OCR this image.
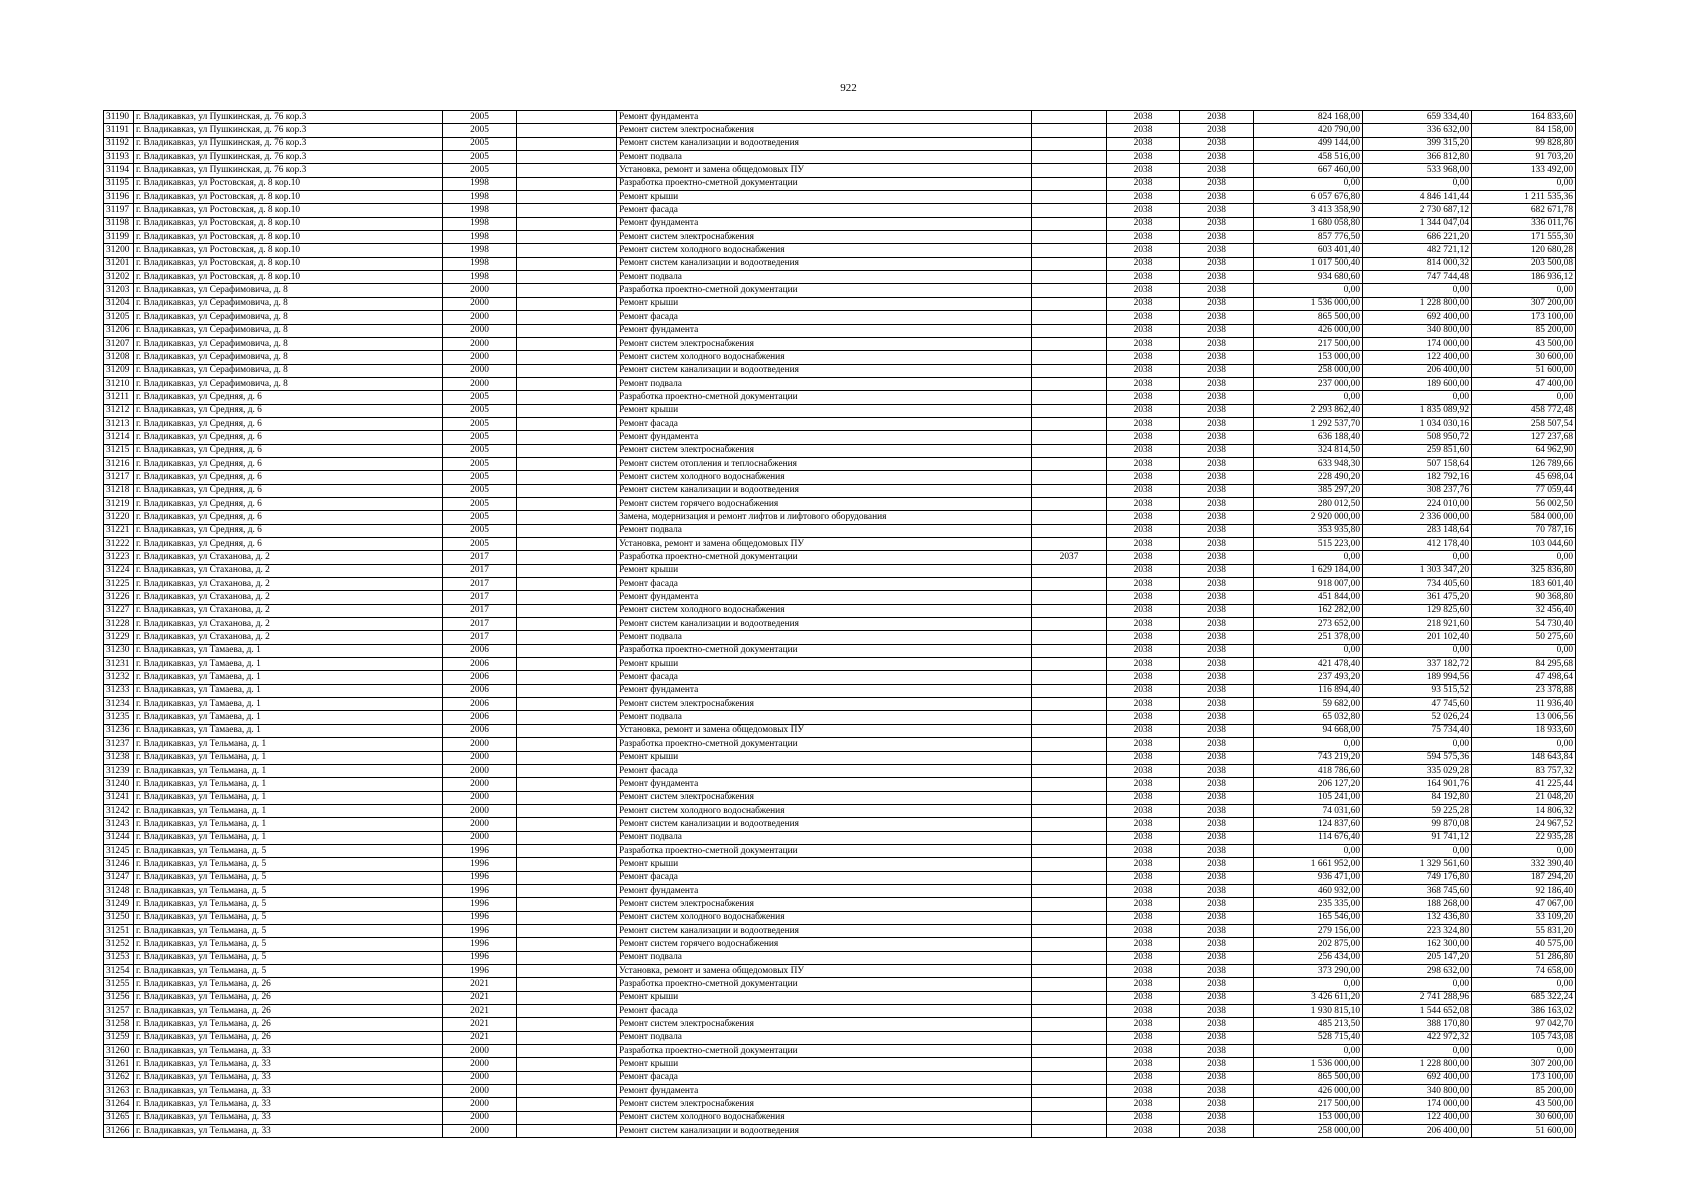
922
31190	г. Владикавказ, ул Пушкинская, д. 76 кор.3	2005		Ремонт фундамента		2038	2038	824 168,00	659 334,40	164 833,60
31191	г. Владикавказ, ул Пушкинская, д. 76 кор.3	2005		Ремонт систем электроснабжения		2038	2038	420 790,00	336 632,00	84 158,00
31192	г. Владикавказ, ул Пушкинская, д. 76 кор.3	2005		Ремонт систем канализации и водоотведения		2038	2038	499 144,00	399 315,20	99 828,80
31193	г. Владикавказ, ул Пушкинская, д. 76 кор.3	2005		Ремонт подвала		2038	2038	458 516,00	366 812,80	91 703,20
31194	г. Владикавказ, ул Пушкинская, д. 76 кор.3	2005		Установка, ремонт и замена общедомовых ПУ		2038	2038	667 460,00	533 968,00	133 492,00
31195	г. Владикавказ, ул Ростовская, д. 8 кор.10	1998		Разработка проектно-сметной документации		2038	2038	0,00	0,00	0,00
31196	г. Владикавказ, ул Ростовская, д. 8 кор.10	1998		Ремонт крыши		2038	2038	6 057 676,80	4 846 141,44	1 211 535,36
31197	г. Владикавказ, ул Ростовская, д. 8 кор.10	1998		Ремонт фасада		2038	2038	3 413 358,90	2 730 687,12	682 671,78
31198	г. Владикавказ, ул Ростовская, д. 8 кор.10	1998		Ремонт фундамента		2038	2038	1 680 058,80	1 344 047,04	336 011,76
31199	г. Владикавказ, ул Ростовская, д. 8 кор.10	1998		Ремонт систем электроснабжения		2038	2038	857 776,50	686 221,20	171 555,30
31200	г. Владикавказ, ул Ростовская, д. 8 кор.10	1998		Ремонт систем холодного водоснабжения		2038	2038	603 401,40	482 721,12	120 680,28
31201	г. Владикавказ, ул Ростовская, д. 8 кор.10	1998		Ремонт систем канализации и водоотведения		2038	2038	1 017 500,40	814 000,32	203 500,08
31202	г. Владикавказ, ул Ростовская, д. 8 кор.10	1998		Ремонт подвала		2038	2038	934 680,60	747 744,48	186 936,12
31203	г. Владикавказ, ул Серафимовича, д. 8	2000		Разработка проектно-сметной документации		2038	2038	0,00	0,00	0,00
31204	г. Владикавказ, ул Серафимовича, д. 8	2000		Ремонт крыши		2038	2038	1 536 000,00	1 228 800,00	307 200,00
31205	г. Владикавказ, ул Серафимовича, д. 8	2000		Ремонт фасада		2038	2038	865 500,00	692 400,00	173 100,00
31206	г. Владикавказ, ул Серафимовича, д. 8	2000		Ремонт фундамента		2038	2038	426 000,00	340 800,00	85 200,00
31207	г. Владикавказ, ул Серафимовича, д. 8	2000		Ремонт систем электроснабжения		2038	2038	217 500,00	174 000,00	43 500,00
31208	г. Владикавказ, ул Серафимовича, д. 8	2000		Ремонт систем холодного водоснабжения		2038	2038	153 000,00	122 400,00	30 600,00
31209	г. Владикавказ, ул Серафимовича, д. 8	2000		Ремонт систем канализации и водоотведения		2038	2038	258 000,00	206 400,00	51 600,00
31210	г. Владикавказ, ул Серафимовича, д. 8	2000		Ремонт подвала		2038	2038	237 000,00	189 600,00	47 400,00
31211	г. Владикавказ, ул Средняя, д. 6	2005		Разработка проектно-сметной документации		2038	2038	0,00	0,00	0,00
31212	г. Владикавказ, ул Средняя, д. 6	2005		Ремонт крыши		2038	2038	2 293 862,40	1 835 089,92	458 772,48
31213	г. Владикавказ, ул Средняя, д. 6	2005		Ремонт фасада		2038	2038	1 292 537,70	1 034 030,16	258 507,54
31214	г. Владикавказ, ул Средняя, д. 6	2005		Ремонт фундамента		2038	2038	636 188,40	508 950,72	127 237,68
31215	г. Владикавказ, ул Средняя, д. 6	2005		Ремонт систем электроснабжения		2038	2038	324 814,50	259 851,60	64 962,90
31216	г. Владикавказ, ул Средняя, д. 6	2005		Ремонт систем отопления и теплоснабжения		2038	2038	633 948,30	507 158,64	126 789,66
31217	г. Владикавказ, ул Средняя, д. 6	2005		Ремонт систем холодного водоснабжения		2038	2038	228 490,20	182 792,16	45 698,04
31218	г. Владикавказ, ул Средняя, д. 6	2005		Ремонт систем канализации и водоотведения		2038	2038	385 297,20	308 237,76	77 059,44
31219	г. Владикавказ, ул Средняя, д. 6	2005		Ремонт систем горячего водоснабжения		2038	2038	280 012,50	224 010,00	56 002,50
31220	г. Владикавказ, ул Средняя, д. 6	2005		Замена, модернизация и ремонт лифтов и лифтового оборудования		2038	2038	2 920 000,00	2 336 000,00	584 000,00
31221	г. Владикавказ, ул Средняя, д. 6	2005		Ремонт подвала		2038	2038	353 935,80	283 148,64	70 787,16
31222	г. Владикавказ, ул Средняя, д. 6	2005		Установка, ремонт и замена общедомовых ПУ		2038	2038	515 223,00	412 178,40	103 044,60
31223	г. Владикавказ, ул Стаханова, д. 2	2017		Разработка проектно-сметной документации	2037	2038	2038	0,00	0,00	0,00
31224	г. Владикавказ, ул Стаханова, д. 2	2017		Ремонт крыши		2038	2038	1 629 184,00	1 303 347,20	325 836,80
31225	г. Владикавказ, ул Стаханова, д. 2	2017		Ремонт фасада		2038	2038	918 007,00	734 405,60	183 601,40
31226	г. Владикавказ, ул Стаханова, д. 2	2017		Ремонт фундамента		2038	2038	451 844,00	361 475,20	90 368,80
31227	г. Владикавказ, ул Стаханова, д. 2	2017		Ремонт систем холодного водоснабжения		2038	2038	162 282,00	129 825,60	32 456,40
31228	г. Владикавказ, ул Стаханова, д. 2	2017		Ремонт систем канализации и водоотведения		2038	2038	273 652,00	218 921,60	54 730,40
31229	г. Владикавказ, ул Стаханова, д. 2	2017		Ремонт подвала		2038	2038	251 378,00	201 102,40	50 275,60
31230	г. Владикавказ, ул Тамаева, д. 1	2006		Разработка проектно-сметной документации		2038	2038	0,00	0,00	0,00
31231	г. Владикавказ, ул Тамаева, д. 1	2006		Ремонт крыши		2038	2038	421 478,40	337 182,72	84 295,68
31232	г. Владикавказ, ул Тамаева, д. 1	2006		Ремонт фасада		2038	2038	237 493,20	189 994,56	47 498,64
31233	г. Владикавказ, ул Тамаева, д. 1	2006		Ремонт фундамента		2038	2038	116 894,40	93 515,52	23 378,88
31234	г. Владикавказ, ул Тамаева, д. 1	2006		Ремонт систем электроснабжения		2038	2038	59 682,00	47 745,60	11 936,40
31235	г. Владикавказ, ул Тамаева, д. 1	2006		Ремонт подвала		2038	2038	65 032,80	52 026,24	13 006,56
31236	г. Владикавказ, ул Тамаева, д. 1	2006		Установка, ремонт и замена общедомовых ПУ		2038	2038	94 668,00	75 734,40	18 933,60
31237	г. Владикавказ, ул Тельмана, д. 1	2000		Разработка проектно-сметной документации		2038	2038	0,00	0,00	0,00
31238	г. Владикавказ, ул Тельмана, д. 1	2000		Ремонт крыши		2038	2038	743 219,20	594 575,36	148 643,84
31239	г. Владикавказ, ул Тельмана, д. 1	2000		Ремонт фасада		2038	2038	418 786,60	335 029,28	83 757,32
31240	г. Владикавказ, ул Тельмана, д. 1	2000		Ремонт фундамента		2038	2038	206 127,20	164 901,76	41 225,44
31241	г. Владикавказ, ул Тельмана, д. 1	2000		Ремонт систем электроснабжения		2038	2038	105 241,00	84 192,80	21 048,20
31242	г. Владикавказ, ул Тельмана, д. 1	2000		Ремонт систем холодного водоснабжения		2038	2038	74 031,60	59 225,28	14 806,32
31243	г. Владикавказ, ул Тельмана, д. 1	2000		Ремонт систем канализации и водоотведения		2038	2038	124 837,60	99 870,08	24 967,52
31244	г. Владикавказ, ул Тельмана, д. 1	2000		Ремонт подвала		2038	2038	114 676,40	91 741,12	22 935,28
31245	г. Владикавказ, ул Тельмана, д. 5	1996		Разработка проектно-сметной документации		2038	2038	0,00	0,00	0,00
31246	г. Владикавказ, ул Тельмана, д. 5	1996		Ремонт крыши		2038	2038	1 661 952,00	1 329 561,60	332 390,40
31247	г. Владикавказ, ул Тельмана, д. 5	1996		Ремонт фасада		2038	2038	936 471,00	749 176,80	187 294,20
31248	г. Владикавказ, ул Тельмана, д. 5	1996		Ремонт фундамента		2038	2038	460 932,00	368 745,60	92 186,40
31249	г. Владикавказ, ул Тельмана, д. 5	1996		Ремонт систем электроснабжения		2038	2038	235 335,00	188 268,00	47 067,00
31250	г. Владикавказ, ул Тельмана, д. 5	1996		Ремонт систем холодного водоснабжения		2038	2038	165 546,00	132 436,80	33 109,20
31251	г. Владикавказ, ул Тельмана, д. 5	1996		Ремонт систем канализации и водоотведения		2038	2038	279 156,00	223 324,80	55 831,20
31252	г. Владикавказ, ул Тельмана, д. 5	1996		Ремонт систем горячего водоснабжения		2038	2038	202 875,00	162 300,00	40 575,00
31253	г. Владикавказ, ул Тельмана, д. 5	1996		Ремонт подвала		2038	2038	256 434,00	205 147,20	51 286,80
31254	г. Владикавказ, ул Тельмана, д. 5	1996		Установка, ремонт и замена общедомовых ПУ		2038	2038	373 290,00	298 632,00	74 658,00
31255	г. Владикавказ, ул Тельмана, д. 26	2021		Разработка проектно-сметной документации		2038	2038	0,00	0,00	0,00
31256	г. Владикавказ, ул Тельмана, д. 26	2021		Ремонт крыши		2038	2038	3 426 611,20	2 741 288,96	685 322,24
31257	г. Владикавказ, ул Тельмана, д. 26	2021		Ремонт фасада		2038	2038	1 930 815,10	1 544 652,08	386 163,02
31258	г. Владикавказ, ул Тельмана, д. 26	2021		Ремонт систем электроснабжения		2038	2038	485 213,50	388 170,80	97 042,70
31259	г. Владикавказ, ул Тельмана, д. 26	2021		Ремонт подвала		2038	2038	528 715,40	422 972,32	105 743,08
31260	г. Владикавказ, ул Тельмана, д. 33	2000		Разработка проектно-сметной документации		2038	2038	0,00	0,00	0,00
31261	г. Владикавказ, ул Тельмана, д. 33	2000		Ремонт крыши		2038	2038	1 536 000,00	1 228 800,00	307 200,00
31262	г. Владикавказ, ул Тельмана, д. 33	2000		Ремонт фасада		2038	2038	865 500,00	692 400,00	173 100,00
31263	г. Владикавказ, ул Тельмана, д. 33	2000		Ремонт фундамента		2038	2038	426 000,00	340 800,00	85 200,00
31264	г. Владикавказ, ул Тельмана, д. 33	2000		Ремонт систем электроснабжения		2038	2038	217 500,00	174 000,00	43 500,00
31265	г. Владикавказ, ул Тельмана, д. 33	2000		Ремонт систем холодного водоснабжения		2038	2038	153 000,00	122 400,00	30 600,00
31266	г. Владикавказ, ул Тельмана, д. 33	2000		Ремонт систем канализации и водоотведения		2038	2038	258 000,00	206 400,00	51 600,00
